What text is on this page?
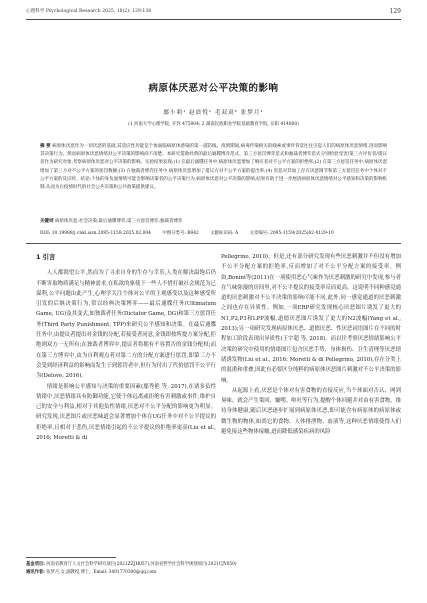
心理科学 Psychological Research 2025, 18(2): 129-138	129
病原体厌恶对公平决策的影响
鄢小莉¹ 赵晨悦¹ 毛双双² 张梦月¹
(1 河南大学心理学院, 开封 475004; 2 湖南民族职业学院基础教育学院, 岳阳 414000)
摘 要 病原体厌恶作为一切厌恶的基础,其适应性功能是个体面临病原体感染的第一道防线。疫情期间,病毒传染相关的线索或事件背景往往引起人们的病原体厌恶情绪,进而影响其决策行为。然而病原体厌恶情绪对公平决策的影响尚不清楚。本研究借助经典的最后通牒博弈范式、第三方惩罚博弈范式和独裁者博弈范式分别检验受害/第三方评价者/提议者作为研究对象,考察病原体厌恶对公平决策的影响。实验结果发现:(1) 在最后通牒任务中,病原体厌恶增加了响应者对不公平方案的拒绝率;(2) 在第三方惩罚任务中,病原体厌恶增加了第三方对不公平方案的惩罚数额;(3) 在独裁者博弈任务中,病原体厌恶增加了提议方对不公平方案的提出率;(4) 厌恶对其加工存在厌恶调节和第三方惩罚任务中个体对不公平方案的反应时。结论:个体的身负面情绪可能会影响决策者的公平决策行为,病原体厌恶对公平决策的影响,结果有助于进一步厘清病原体厌恶情绪对公平感知和决策的影响机制,从而为后疫情时代的社会公共决策和公共政策提供建议。
关键词 病原体厌恶;社会决策;最后通牒博弈;第三方惩罚博弈;独裁者博弈
DOI: 10.19988/j.cnki.issn.2095-1159.2025.02.004	中图分类号: B842	文献标识码: A	文章编号: 2095-1159(2025)02-0129-10
1 引言

人人都渴望公平,然而为了寻求自身的生存与幸乐,人类在解决温饱后仍不断害取物质满足与精神需求,在私欲的驱使下一些人不惜打破社会规范为已谋利,公平问题由此产生,心理学关注个体对公平的主观感受以及这种感受所引发的后继决策行为,常以经典决策博弈——最后通牒任务(Ultimatum Game, UG)及其变式,如独裁者任务(Dictator Game, DG)和第三方惩罚任务(Third Party Punishment, TPP)来研究公平感知和决策。在最后通牒任务中,由提议者提出对金钱的分配,若接受者同意,金钱即按所提方案分配,拒绝则双方一无所有;在独裁者博弈中,提议者将拥有不容置否的金钱分配权;而在第三方博弈中,由为自利观点者对第二方的分配方案进行惩罚,即第三方不会受到经济利益的影响而发生于到惩罚者中,但行为付出了代价惩罚不公平行为(Delove, 2016)。

情绪是影响公平感知与决策的重要因素(鄢秀艳 等, 2017),在诸多负性情绪中,厌恶情绪具有防御功能,它使个体远离或拒绝有害刺激或事件,维护自己的安全与利益,相对于其他负性情绪,厌恶对不公平分配的影响更为明显。研究发现,厌恶图片或厌恶味道会显著增加个体在UG任务中对不公平提议的拒绝率,且相对于悲伤,厌恶情绪引起的不公平提议的拒绝率更高(Liu et al., 2016; Moretti & di

Pellegrino, 2010)。但是,还有部分研究发现有些厌恶刺激并不但没有增加不公平分配方案的拒绝率,反而增加了对不公平分配方案的接受率。例如,Bonini等(2011)在一项使用恶心气味作为厌恶刺激的研究中发现,参与者在气味弥漫的房间里,对不公平提议的接受率反而更高。这说明不同种感觉通道的厌恶刺激对不公平决策的影响可能不同,此外,同一感觉通道的厌恶刺激之间也存在异质性。例如,一项ERP研究发现核心厌恶图片诱发了更大的N1,P2,P3和LPP波幅,道德厌恶图片诱发了更大的N2波幅(Yang et al., 2013);另一项研究发现病原体厌恶、道德厌恶、性厌恶词语图片在不同的时程加工阶段表现出异质性(王宇超 等, 2018)。而以往考察厌恶情绪影响公平决策的研究中使用的情绪图片包含厌恶手势、身体损伤、卫生清理等厌恶情绪诱发物(Liu et al., 2016; Moretti & di Pellegrino, 2010),存在分类上的混淆和重叠,因此有必要区分纯粹的病原体厌恶图片刺激对不公平决策的影响。

从起源上看,厌恶是个体对有害食物的直接反应,当个体面对否认、网到臭味、就会产生策回、嫌嘿、呕吐等行为,提醒个体回避并对由有害食物、维持身体健康,随后厌恶逐步扩展到病原体厌恶,即可能含有病原体的病原体或微生物的物体,如尚它的食物、人体排泄物、血液等,这种厌恶情绪使得人们避免接这些物体接触,进而降低感染疾病的风险

基金项目: 河南省教育厅人文社会科学研究项目(2021ZZJH057),河南省哲学社会科学规划项目(2021CJY050)
通讯作者: 张梦月,女,副教授,博士。Email: 3491770300@qq.com
